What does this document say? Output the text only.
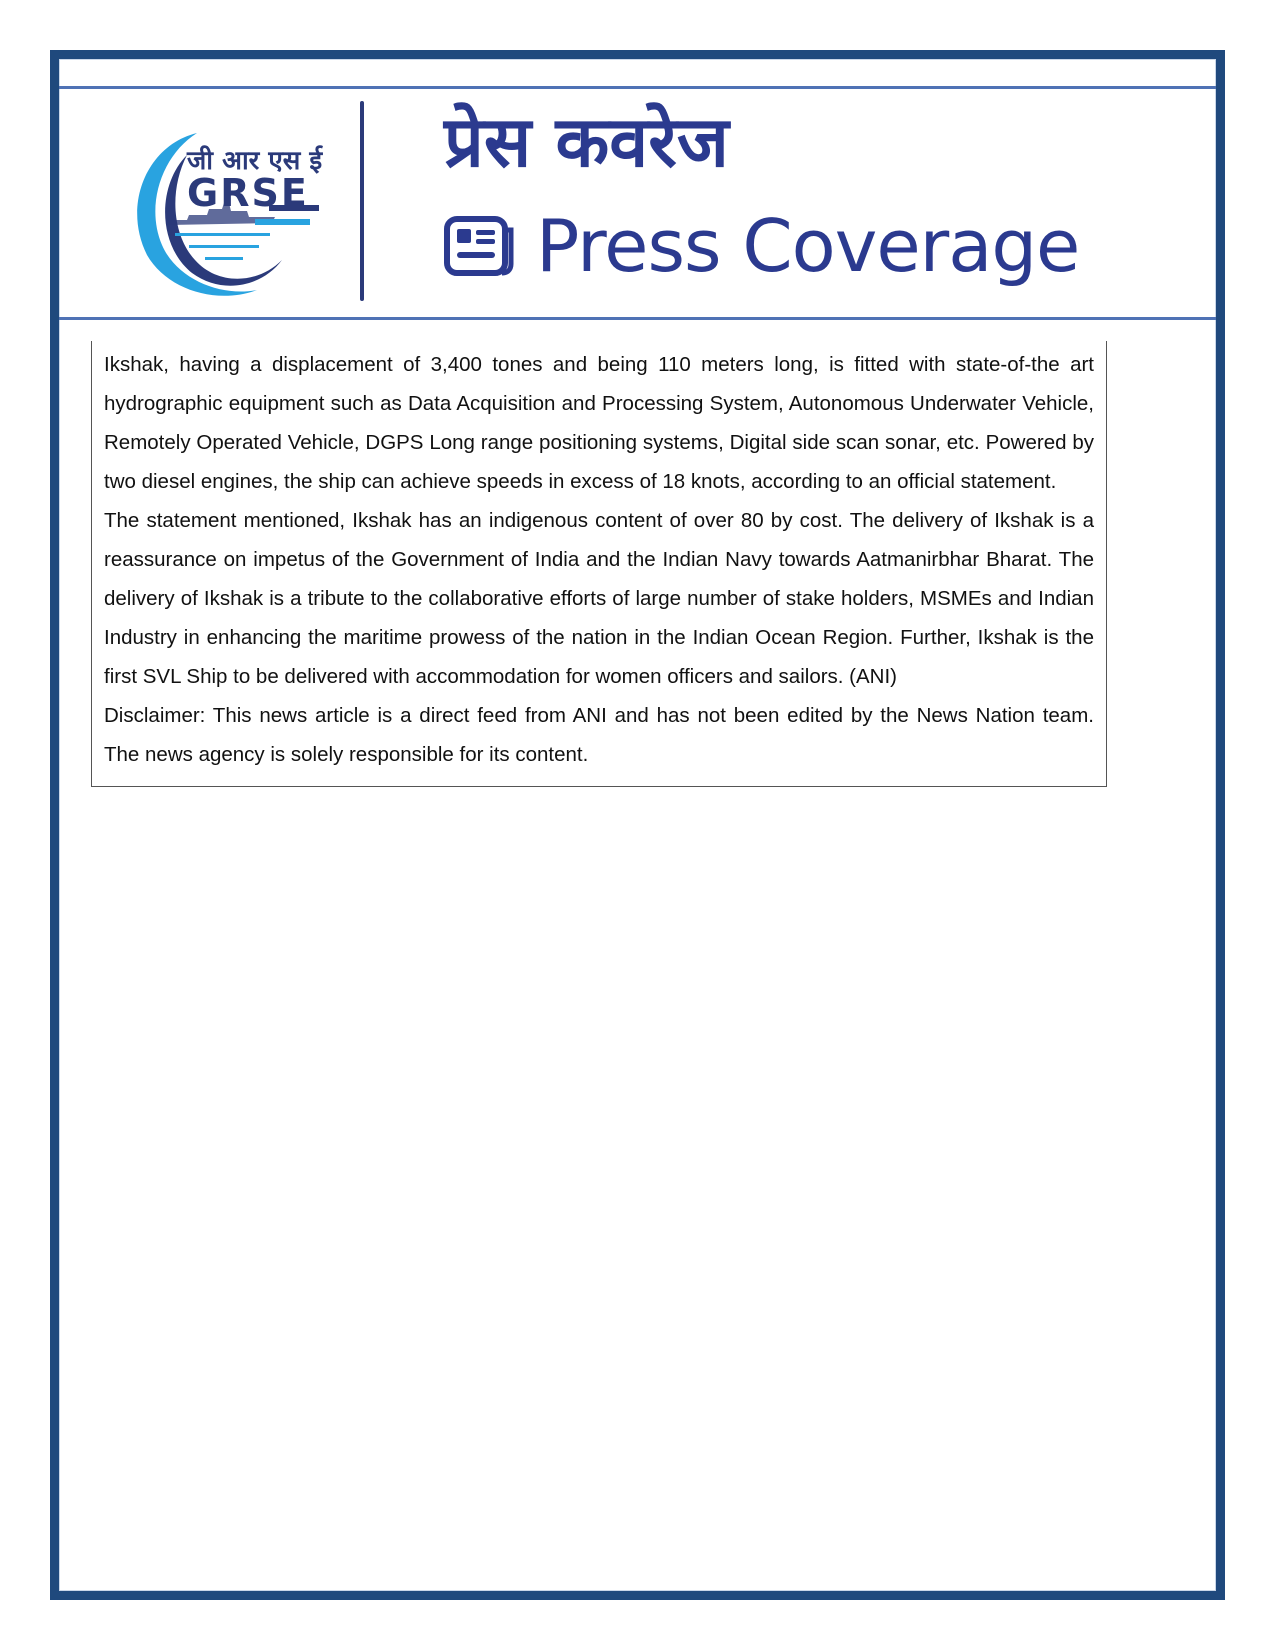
जी आर एस ई
GRSE
प्रेस कवरेज
Press Coverage

Ikshak, having a displacement of 3,400 tones and being 110 meters long, is fitted with state-of-the art hydrographic equipment such as Data Acquisition and Processing System, Autonomous Underwater Vehicle, Remotely Operated Vehicle, DGPS Long range positioning systems, Digital side scan sonar, etc. Powered by two diesel engines, the ship can achieve speeds in excess of 18 knots, according to an official statement.

The statement mentioned, Ikshak has an indigenous content of over 80 by cost. The delivery of Ikshak is a reassurance on impetus of the Government of India and the Indian Navy towards Aatmanirbhar Bharat. The delivery of Ikshak is a tribute to the collaborative efforts of large number of stake holders, MSMEs and Indian Industry in enhancing the maritime prowess of the nation in the Indian Ocean Region. Further, Ikshak is the first SVL Ship to be delivered with accommodation for women officers and sailors. (ANI)

Disclaimer: This news article is a direct feed from ANI and has not been edited by the News Nation team. The news agency is solely responsible for its content.
